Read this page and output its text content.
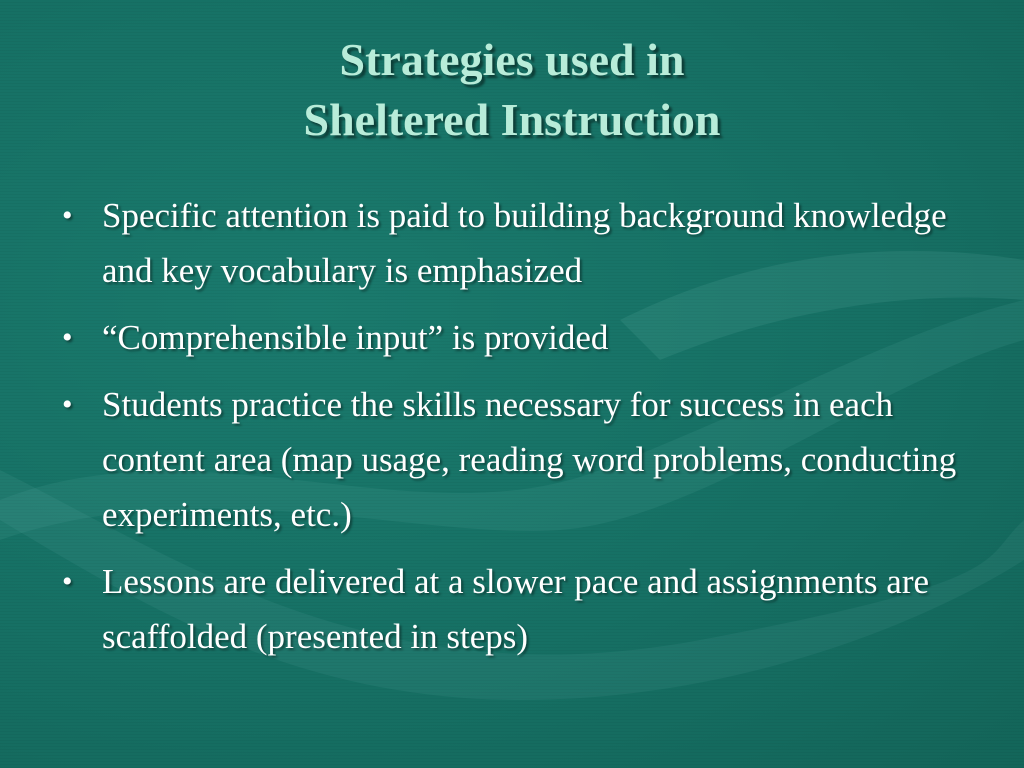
Strategies used in
Sheltered Instruction
• Specific attention is paid to building background knowledge and key vocabulary is emphasized
• “Comprehensible input” is provided
• Students practice the skills necessary for success in each content area (map usage, reading word problems, conducting experiments, etc.)
• Lessons are delivered at a slower pace and assignments are scaffolded (presented in steps)
